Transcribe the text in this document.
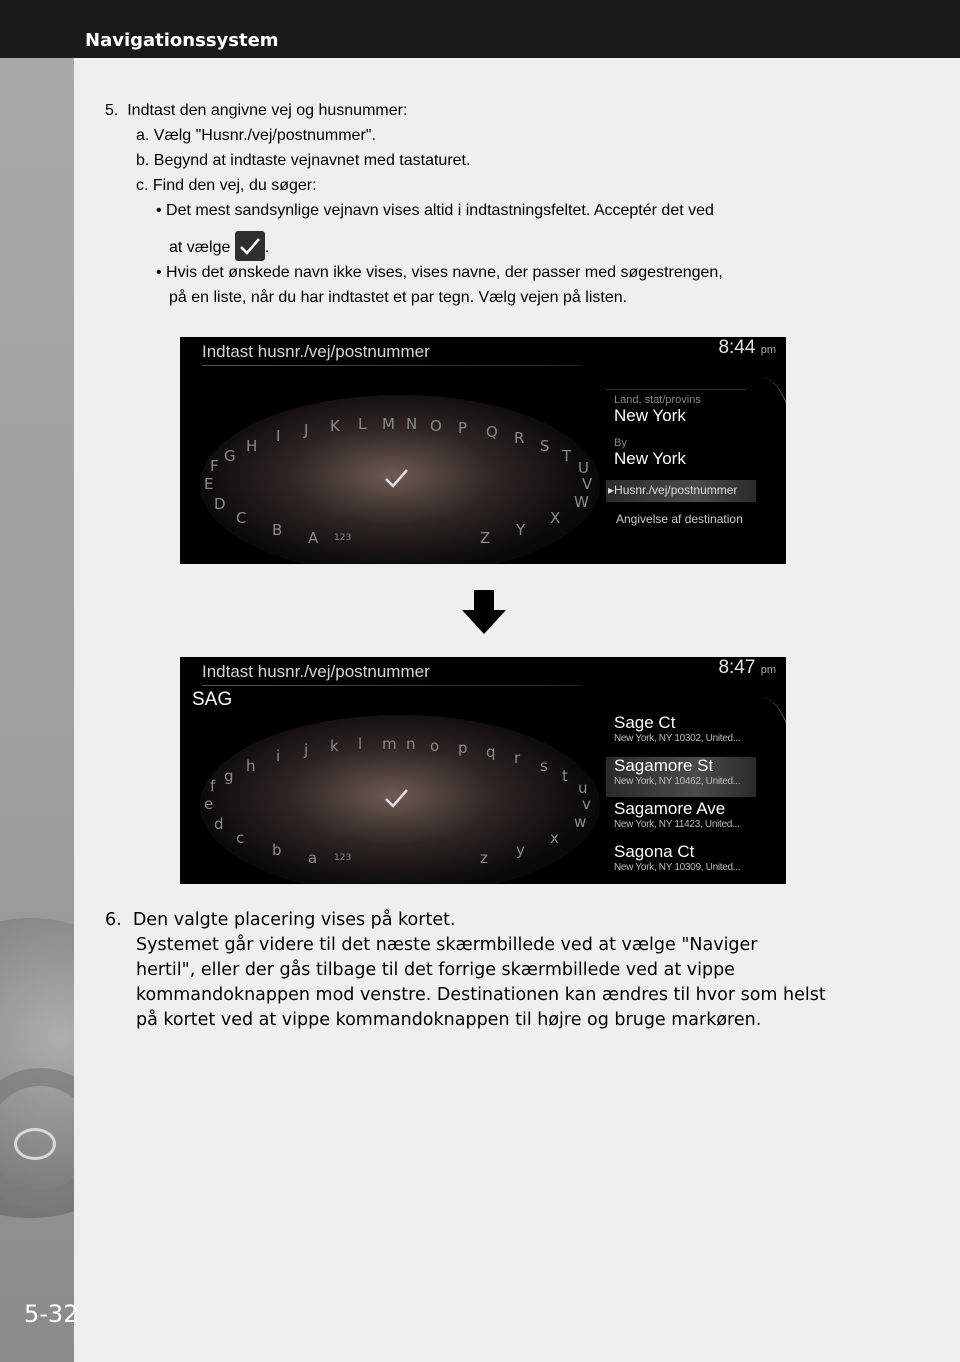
Navigationssystem
5-32
5.  Indtast den angivne vej og husnummer:
a. Vælg "Husnr./vej/postnummer".
b. Begynd at indtaste vejnavnet med tastaturet.
c. Find den vej, du søger:
• Det mest sandsynlige vejnavn vises altid i indtastningsfeltet. Acceptér det ved
at vælge .
• Hvis det ønskede navn ikke vises, vises navne, der passer med søgestrengen,
på en liste, når du har indtastet et par tegn. Vælg vejen på listen.
Indtast husnr./vej/postnummer	8:44 pm
E
F
G
H
I J K L M N O P Q R S
T
U
V
W
X
Y
Z
A
B
C
D
123
Land, stat/provins
New York
By
New York
▸Husnr./vej/postnummer
Angivelse af destination
Indtast husnr./vej/postnummer
SAG
8:47 pm
e
f
g
h
i j k l m n o p q r s
t
u
v
w
x
y
z
a
b
c
d
123
Sage Ct
New York, NY 10302, United...
Sagamore St
New York, NY 10462, United...
Sagamore Ave
New York, NY 11423, United...
Sagona Ct
New York, NY 10309, United...
6.  Den valgte placering vises på kortet.
Systemet går videre til det næste skærmbillede ved at vælge "Naviger
hertil", eller der gås tilbage til det forrige skærmbillede ved at vippe
kommandoknappen mod venstre. Destinationen kan ændres til hvor som helst
på kortet ved at vippe kommandoknappen til højre og bruge markøren.
